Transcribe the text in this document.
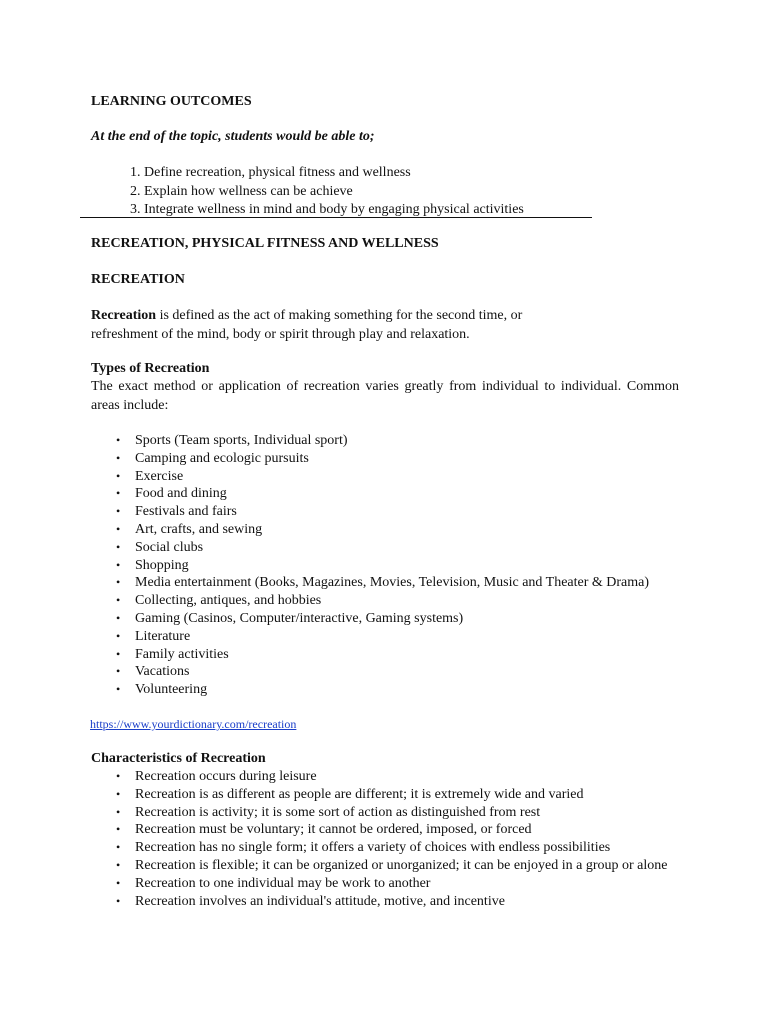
LEARNING OUTCOMES

At the end of the topic, students would be able to;

1. Define recreation, physical fitness and wellness
2. Explain how wellness can be achieve
3. Integrate wellness in mind and body by engaging physical activities

RECREATION, PHYSICAL FITNESS AND WELLNESS

RECREATION

Recreation is defined as the act of making something for the second time, or
refreshment of the mind, body or spirit through play and relaxation.

Types of Recreation

The exact method or application of recreation varies greatly from individual to individual. Common areas include:

• Sports (Team sports, Individual sport)
• Camping and ecologic pursuits
• Exercise
• Food and dining
• Festivals and fairs
• Art, crafts, and sewing
• Social clubs
• Shopping
• Media entertainment (Books, Magazines, Movies, Television, Music and Theater & Drama)
• Collecting, antiques, and hobbies
• Gaming (Casinos, Computer/interactive, Gaming systems)
• Literature
• Family activities
• Vacations
• Volunteering
https://www.yourdictionary.com/recreation

Characteristics of Recreation

• Recreation occurs during leisure
• Recreation is as different as people are different; it is extremely wide and varied
• Recreation is activity; it is some sort of action as distinguished from rest
• Recreation must be voluntary; it cannot be ordered, imposed, or forced
• Recreation has no single form; it offers a variety of choices with endless possibilities
• Recreation is flexible; it can be organized or unorganized; it can be enjoyed in a group or alone
• Recreation to one individual may be work to another
• Recreation involves an individual's attitude, motive, and incentive
